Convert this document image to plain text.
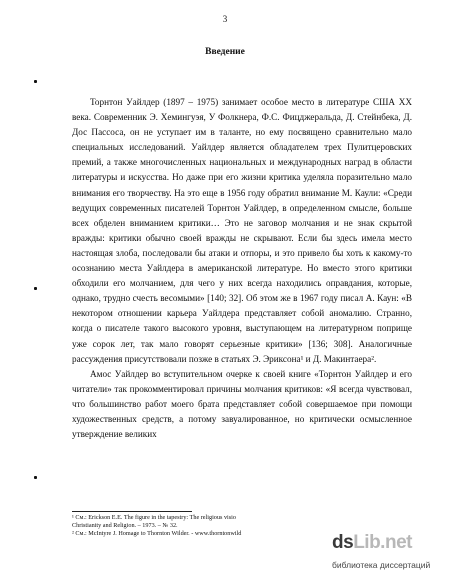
3
Введение

Торнтон Уайлдер (1897 – 1975) занимает особое место в литературе США XX века. Современник Э. Хемингуэя, У Фолкнера, Ф.С. Фицджеральда, Д. Стейнбека, Д. Дос Пассоса, он не уступает им в таланте, но ему посвящено сравнительно мало специальных исследований. Уайлдер является обладателем трех Пулитцеровских премий, а также многочисленных национальных и международных наград в области литературы и искусства. Но даже при его жизни критика уделяла поразительно мало внимания его творчеству. На это еще в 1956 году обратил внимание М. Каули: «Среди ведущих современных писателей Торнтон Уайлдер, в определенном смысле, больше всех обделен вниманием критики… Это не заговор молчания и не знак скрытой вражды: критики обычно своей вражды не скрывают. Если бы здесь имела место настоящая злоба, последовали бы атаки и отпоры, и это привело бы хоть к какому-то осознанию места Уайлдера в американской литературе. Но вместо этого критики обходили его молчанием, для чего у них всегда находились оправдания, которые, однако, трудно счесть весомыми» [140; 32]. Об этом же в 1967 году писал А. Каун: «В некотором отношении карьера Уайлдера представляет собой аномалию. Странно, когда о писателе такого высокого уровня, выступающем на литературном поприще уже сорок лет, так мало говорят серьезные критики» [136; 308]. Аналогичные рассуждения присутствовали позже в статьях Э. Эриксона¹ и Д. Макинтаера².

Амос Уайлдер во вступительном очерке к своей книге «Торнтон Уайлдер и его читатели» так прокомментировал причины молчания критиков: «Я всегда чувствовал, что большинство работ моего брата представляет собой совершаемое при помощи художественных средств, а потому завуалированное, но критически осмысленное утверждение великих

¹ См.: Erickson E.E. The figure in the tapestry: The religious visio
Christianity and Religion. – 1973. – № 32.
² См.: McIntyre J. Homage to Thornton Wilder. - www.thorntonwild	dsLib.net
библиотека диссертаций
